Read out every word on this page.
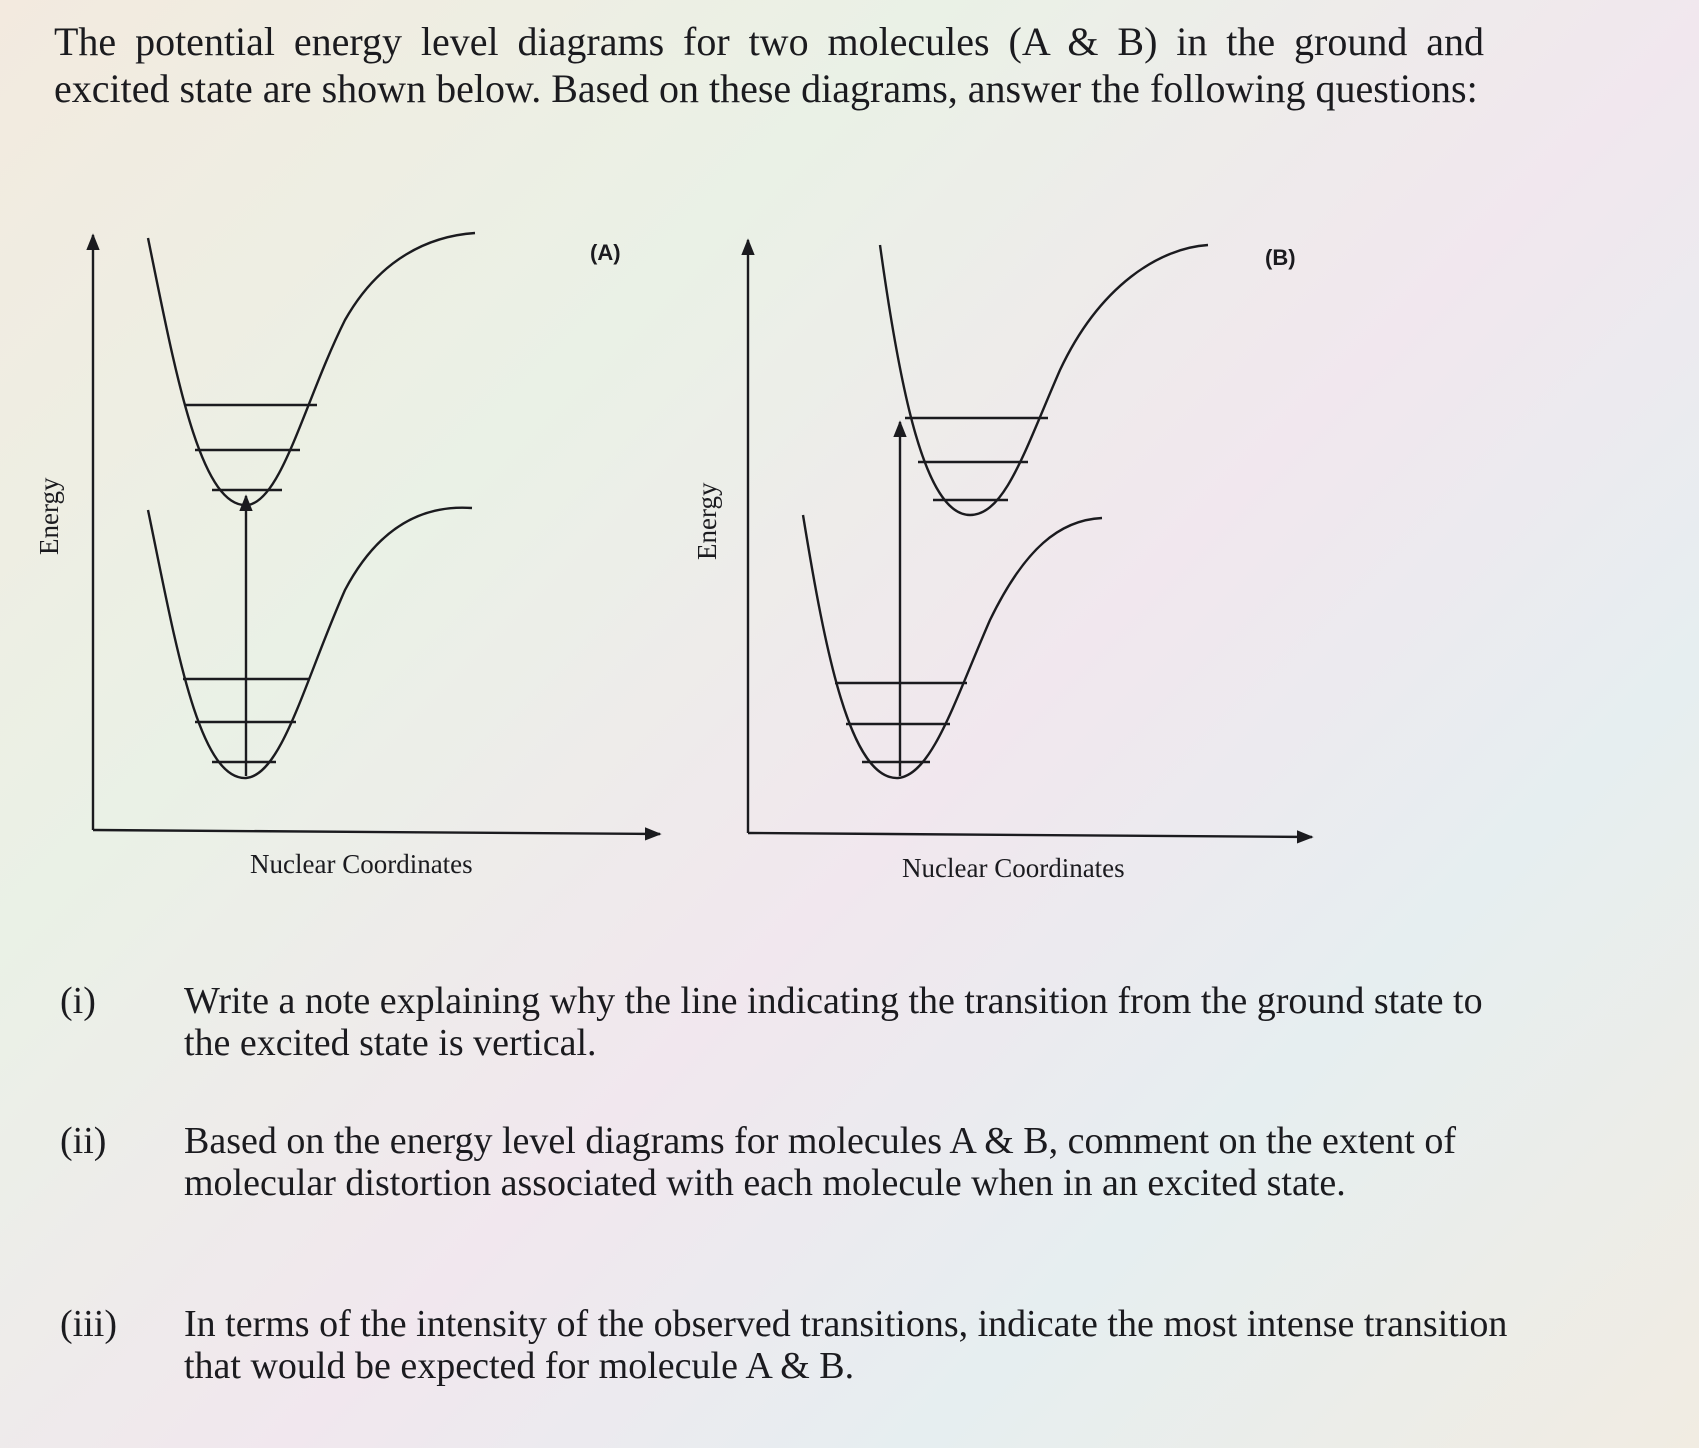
The potential energy level diagrams for two molecules (A & B) in the ground and excited state are shown below. Based on these diagrams, answer the following questions:
(A)
Energy
Nuclear Coordinates
(B)
Energy
Nuclear Coordinates
(i)	Write a note explaining why the line indicating the transition from the ground state to the excited state is vertical.
(ii)	Based on the energy level diagrams for molecules A & B, comment on the extent of molecular distortion associated with each molecule when in an excited state.
(iii)	In terms of the intensity of the observed transitions, indicate the most intense transition that would be expected for molecule A & B.
